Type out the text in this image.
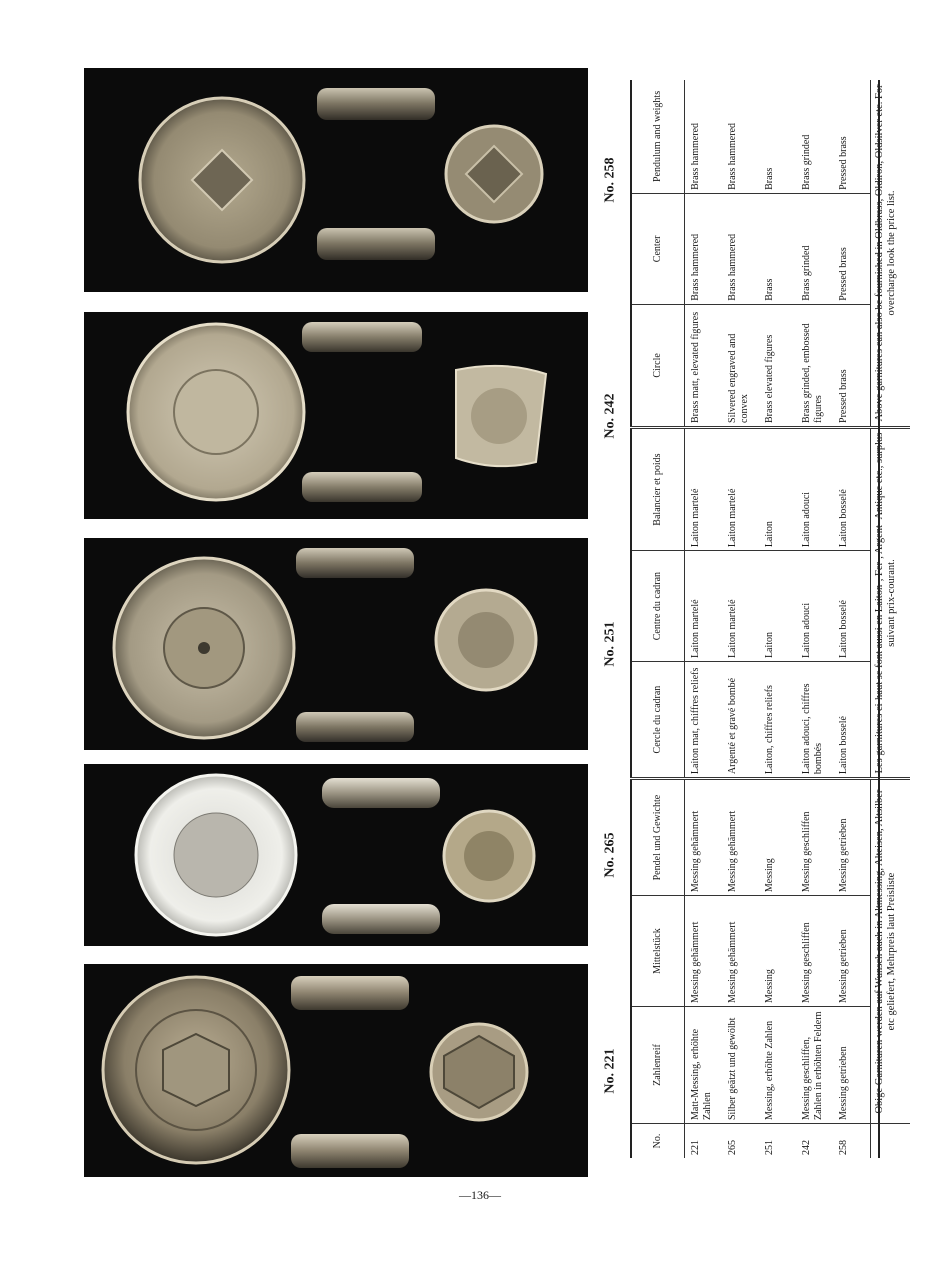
No. 221
No. 265
No. 251
No. 242
No. 258
No.	Zahlenreif	Mittelstück	Pendel und Gewichte	Cercle du cadran	Centre du cadran	Balancier et poids	Circle	Center	Pendulum and weights
221	Matt-Messing, erhöhte Zahlen	Messing gehämmert	Messing gehämmert	Laiton mat, chiffres reliefs	Laiton martelé	Laiton martelé	Brass matt, elevated figures	Brass hammered	Brass hammered
265	Silber geätzt und gewölbt	Messing gehämmert	Messing gehämmert	Argenté et gravé bombé	Laiton martelé	Laiton martelé	Silvered engraved and convex	Brass hammered	Brass hammered
251	Messing, erhöhte Zahlen	Messing	Messing	Laiton, chiffres reliefs	Laiton	Laiton	Brass elevated figures	Brass	Brass
242	Messing geschliffen, Zahlen in erhöhten Feldern	Messing geschliffen	Messing geschliffen	Laiton adouci, chiffres bombés	Laiton adouci	Laiton adouci	Brass grinded, embossed figures	Brass grinded	Brass grinded
258	Messing getrieben	Messing getrieben	Messing getrieben	Laiton bosselé	Laiton bosselé	Laiton bosselé	Pressed brass	Pressed brass	Pressed brass
	Obige Garnituren werden auf Wunsch auch in Altmessing, Alteisen, Altsilber etc geliefert, Mehrpreis laut Preisliste			Les garnitures ci-haut se font aussi en Laiton-, Fer-, Argent- Antique etc., surplus suivant prix-courant.			Above garnitures can also be fournished in Oldbrass, Oldiron, Oldsilver etc. For overcharge look the price list.		
—136—
